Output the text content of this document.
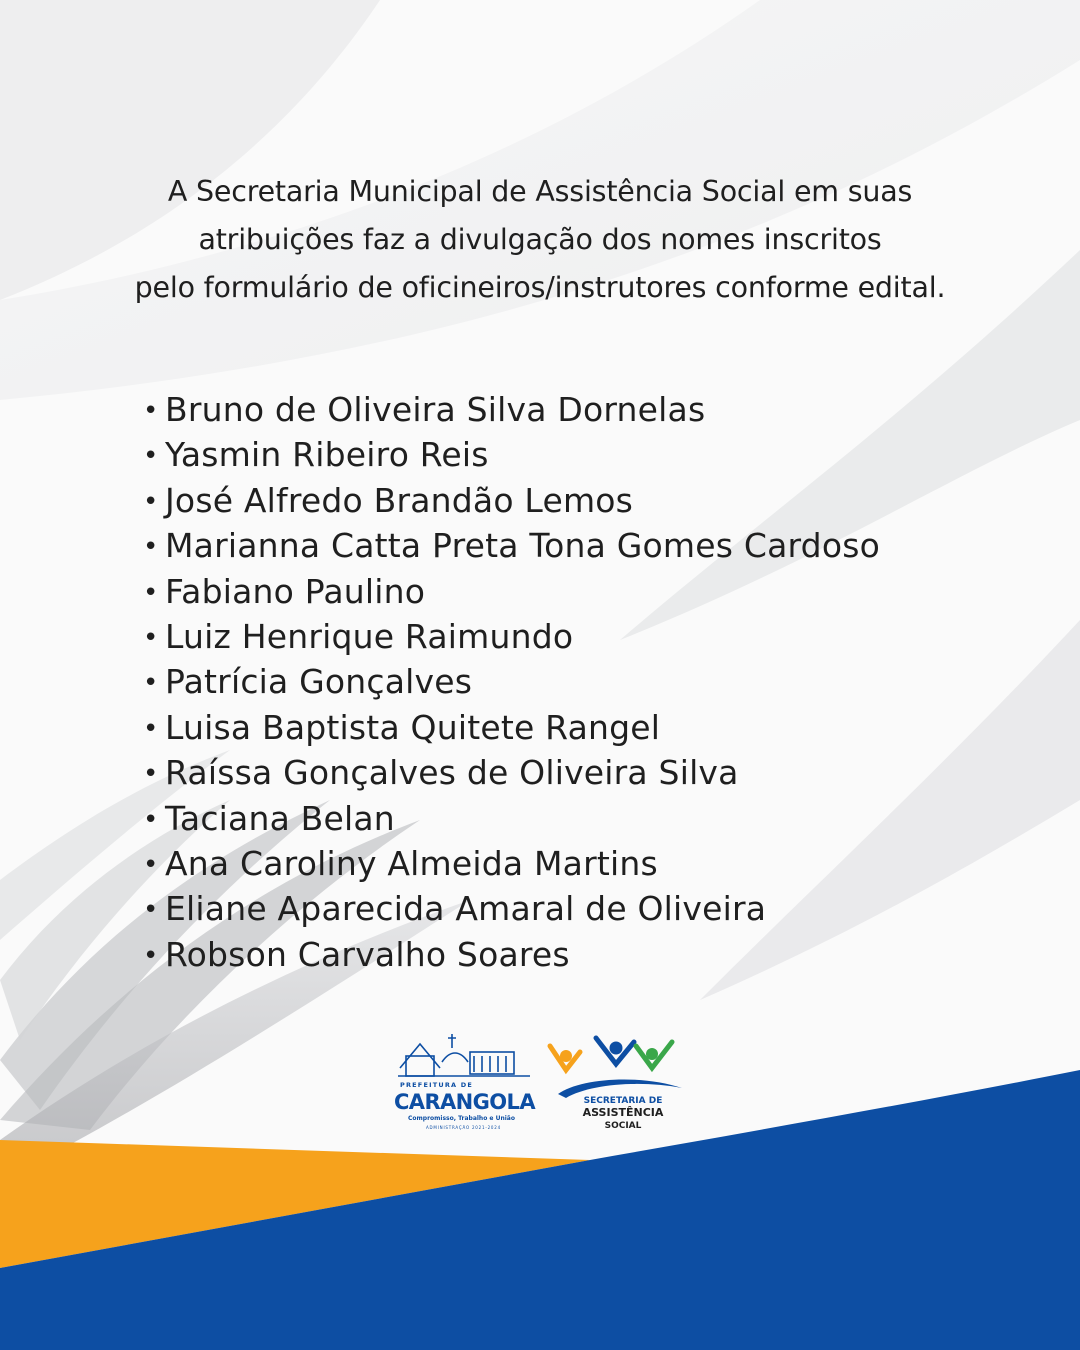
A Secretaria Municipal de Assistência Social em suas
atribuições faz a divulgação dos nomes inscritos
pelo formulário de oficineiros/instrutores conforme edital.
• Bruno de Oliveira Silva Dornelas
• Yasmin Ribeiro Reis
• José Alfredo Brandão Lemos
• Marianna Catta Preta Tona Gomes Cardoso
• Fabiano Paulino
• Luiz Henrique Raimundo
• Patrícia Gonçalves
• Luisa Baptista Quitete Rangel
• Raíssa Gonçalves de Oliveira Silva
• Taciana Belan
• Ana Caroliny Almeida Martins
• Eliane Aparecida Amaral de Oliveira
• Robson Carvalho Soares
PREFEITURA DE
CARANGOLA
Compromisso, Trabalho e União
ADMINISTRAÇÃO 2021-2024
SECRETARIA DE
ASSISTÊNCIA
SOCIAL
